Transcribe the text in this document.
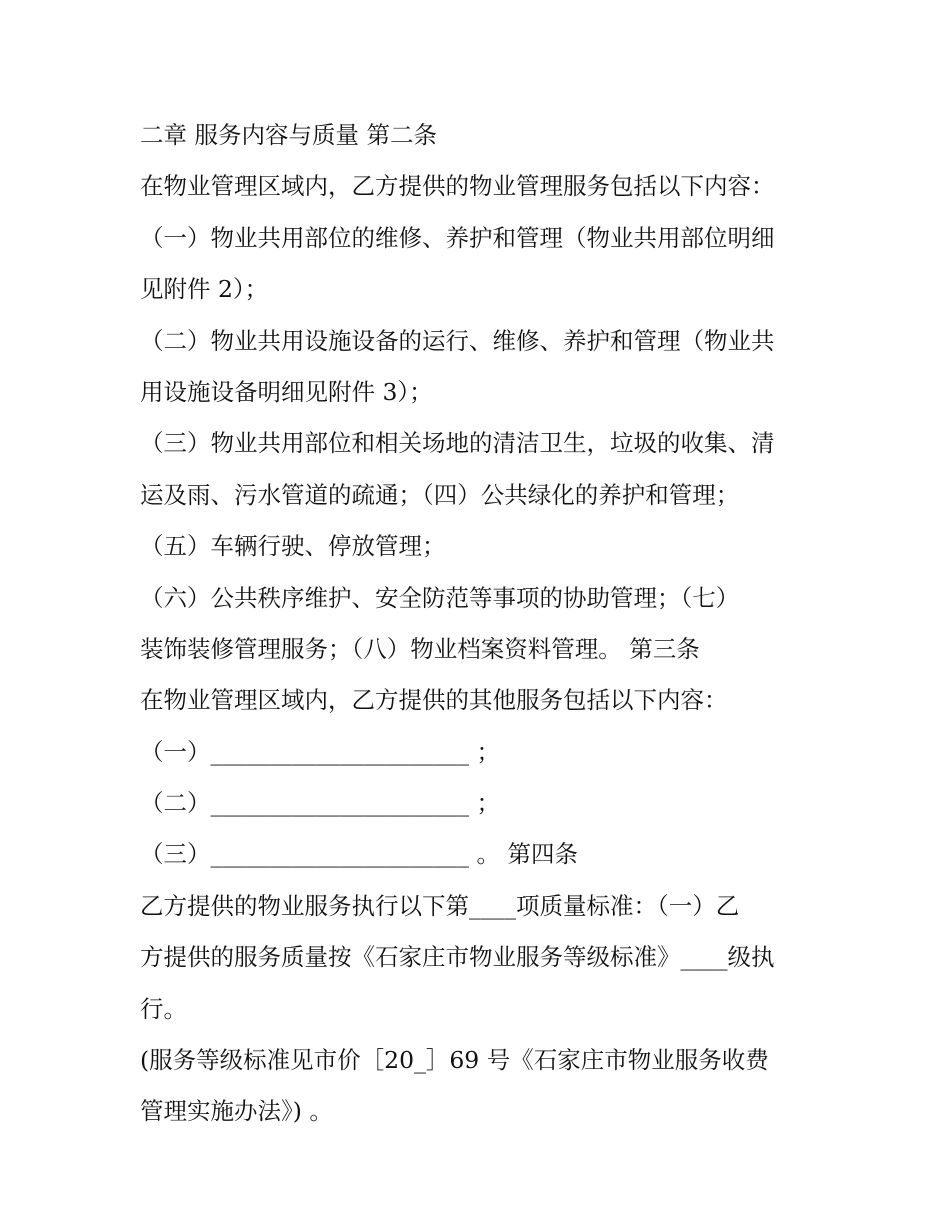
二章 服务内容与质量 第二条
在物业管理区域内，乙方提供的物业管理服务包括以下内容：
（一）物业共用部位的维修、养护和管理（物业共用部位明细
见附件 2）；
（二）物业共用设施设备的运行、维修、养护和管理（物业共
用设施设备明细见附件 3）；
（三）物业共用部位和相关场地的清洁卫生，垃圾的收集、清
运及雨、污水管道的疏通；（四）公共绿化的养护和管理；
（五）车辆行驶、停放管理；
（六）公共秩序维护、安全防范等事项的协助管理；（七）
装饰装修管理服务；（八）物业档案资料管理。 第三条
在物业管理区域内，乙方提供的其他服务包括以下内容：
（一）______________________ ；
（二）______________________ ；
（三）______________________ 。 第四条
乙方提供的物业服务执行以下第____项质量标准：（一）乙
方提供的服务质量按《石家庄市物业服务等级标准》____级执
行。
(服务等级标准见市价［20_］69 号《石家庄市物业服务收费
管理实施办法》) 。
